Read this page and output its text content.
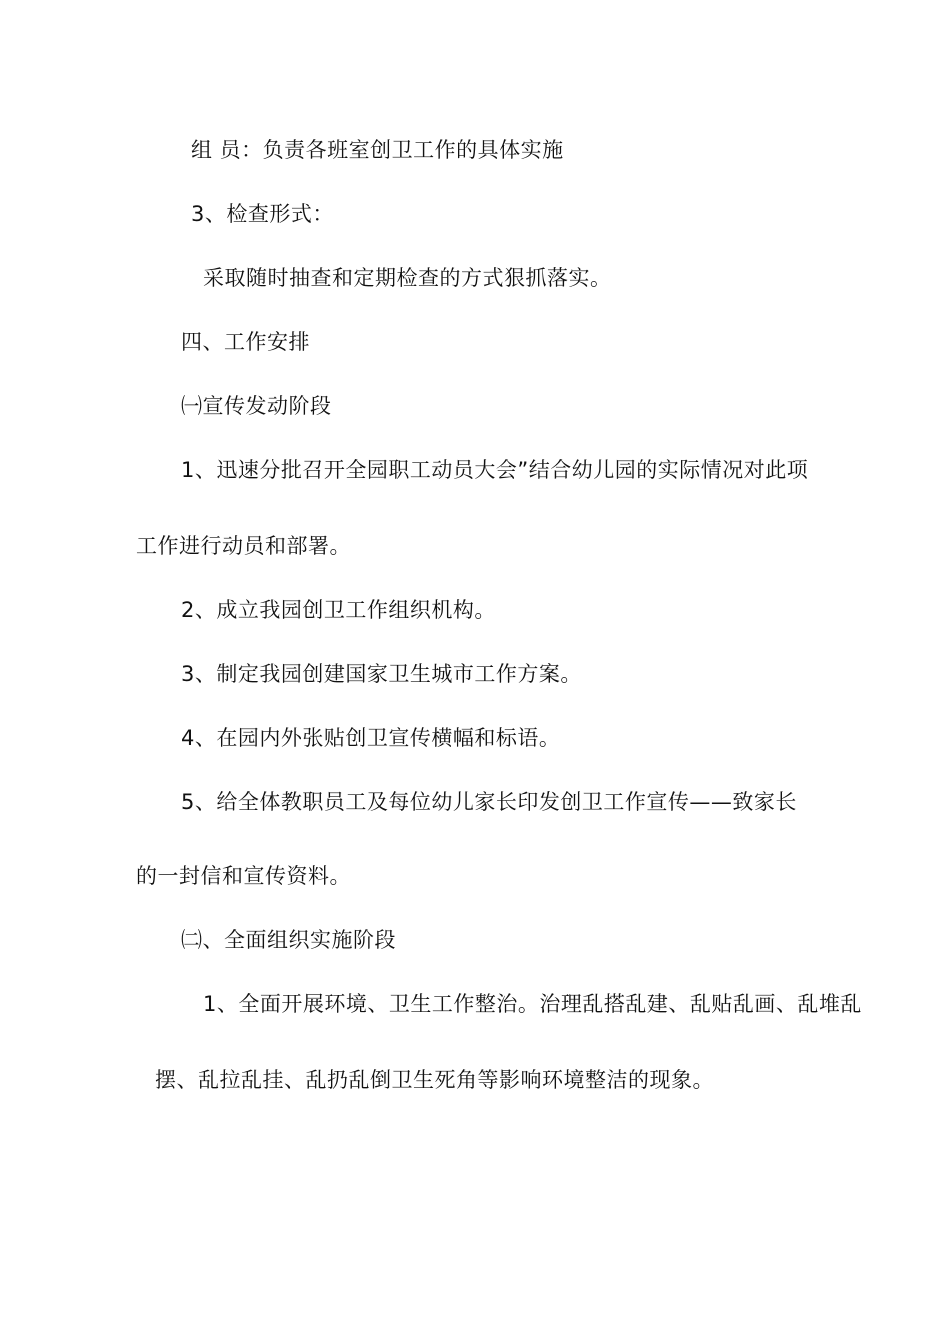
组 员：负责各班室创卫工作的具体实施
3、检查形式：
采取随时抽查和定期检查的方式狠抓落实。
四、工作安排
㈠宣传发动阶段
1、迅速分批召开全园职工动员大会”结合幼儿园的实际情况对此项
工作进行动员和部署。
2、成立我园创卫工作组织机构。
3、制定我园创建国家卫生城市工作方案。
4、在园内外张贴创卫宣传横幅和标语。
5、给全体教职员工及每位幼儿家长印发创卫工作宣传——致家长
的一封信和宣传资料。
㈡、全面组织实施阶段
1、全面开展环境、卫生工作整治。治理乱搭乱建、乱贴乱画、乱堆乱
摆、乱拉乱挂、乱扔乱倒卫生死角等影响环境整洁的现象。
